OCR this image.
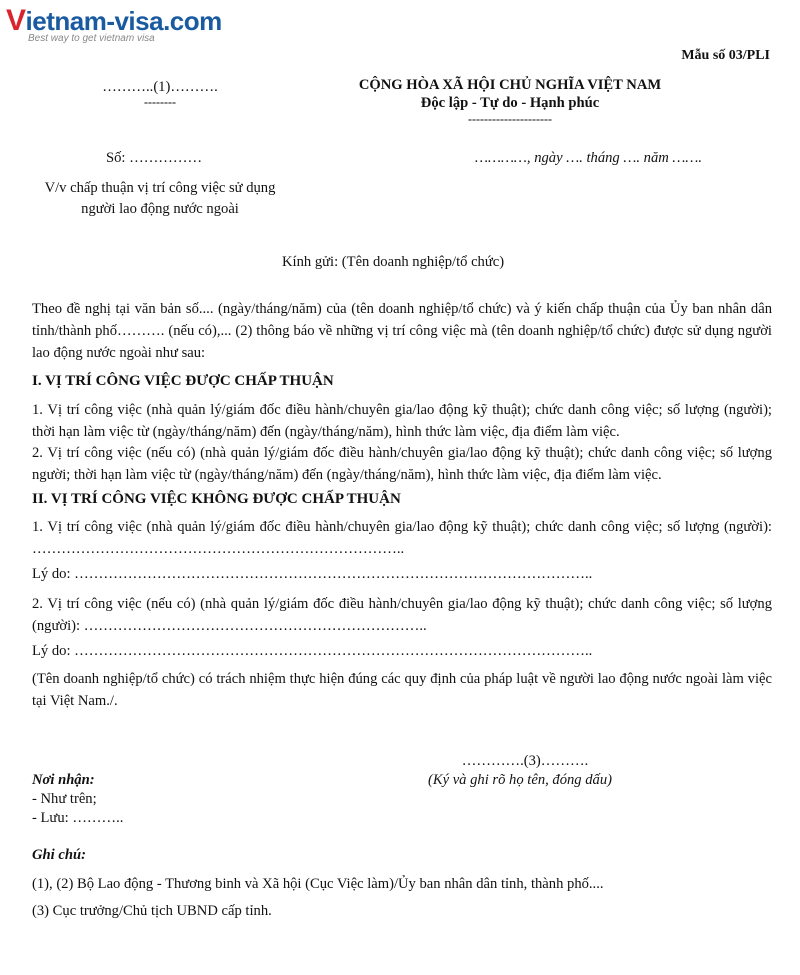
Vietnam-visa.com
Best way to get vietnam visa
Mẫu số 03/PLI
………..(1)……….
--------
CỘNG HÒA XÃ HỘI CHỦ NGHĨA VIỆT NAM
Độc lập - Tự do - Hạnh phúc
---------------------
Số: ……………	…………, ngày …. tháng …. năm …….
V/v chấp thuận vị trí công việc sử dụng
người lao động nước ngoài
Kính gửi: (Tên doanh nghiệp/tổ chức)
Theo đề nghị tại văn bản số.... (ngày/tháng/năm) của (tên doanh nghiệp/tổ chức) và ý kiến chấp thuận của Ủy ban nhân dân tỉnh/thành phố………. (nếu có),... (2) thông báo về những vị trí công việc mà (tên doanh nghiệp/tổ chức) được sử dụng người lao động nước ngoài như sau:
I. VỊ TRÍ CÔNG VIỆC ĐƯỢC CHẤP THUẬN
1. Vị trí công việc (nhà quản lý/giám đốc điều hành/chuyên gia/lao động kỹ thuật); chức danh công việc; số lượng (người); thời hạn làm việc từ (ngày/tháng/năm) đến (ngày/tháng/năm), hình thức làm việc, địa điểm làm việc.
2. Vị trí công việc (nếu có) (nhà quản lý/giám đốc điều hành/chuyên gia/lao động kỹ thuật); chức danh công việc; số lượng người; thời hạn làm việc từ (ngày/tháng/năm) đến (ngày/tháng/năm), hình thức làm việc, địa điểm làm việc.
II. VỊ TRÍ CÔNG VIỆC KHÔNG ĐƯỢC CHẤP THUẬN
1. Vị trí công việc (nhà quản lý/giám đốc điều hành/chuyên gia/lao động kỹ thuật); chức danh công việc; số lượng (người): …………………………………………………………………..
Lý do: ……………………………………………………………………………………………..
2. Vị trí công việc (nếu có) (nhà quản lý/giám đốc điều hành/chuyên gia/lao động kỹ thuật); chức danh công việc; số lượng (người): ……………………………………………………………..
Lý do: ……………………………………………………………………………………………..
(Tên doanh nghiệp/tổ chức) có trách nhiệm thực hiện đúng các quy định của pháp luật về người lao động nước ngoài làm việc tại Việt Nam./.
………….(3)……….
(Ký và ghi rõ họ tên, đóng dấu)
Nơi nhận:
- Như trên;
- Lưu: ………..
Ghi chú:
(1), (2) Bộ Lao động - Thương binh và Xã hội (Cục Việc làm)/Ủy ban nhân dân tỉnh, thành phố....
(3) Cục trưởng/Chủ tịch UBND cấp tỉnh.
